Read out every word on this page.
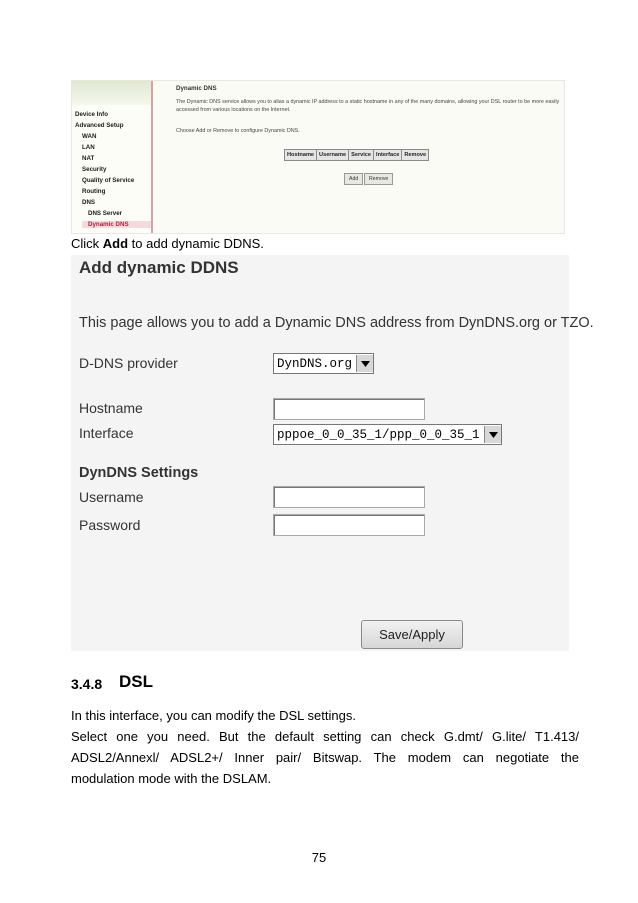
Device Info
Advanced Setup
WAN
LAN
NAT
Security
Quality of Service
Routing
DNS
DNS Server
Dynamic DNS
Dynamic DNS
The Dynamic DNS service allows you to alias a dynamic IP address to a static hostname in any of the many domains, allowing your DSL router to be more easily accessed from various locations on the Internet.
Choose Add or Remove to configure Dynamic DNS.
Hostname	Username	Service	Interface	Remove
Add	Remove
Click Add to add dynamic DDNS.
Add dynamic DDNS
This page allows you to add a Dynamic DNS address from DynDNS.org or TZO.
D-DNS provider	DynDNS.org
Hostname
Interface	pppoe_0_0_35_1/ppp_0_0_35_1
DynDNS Settings
Username
Password
Save/Apply
3.4.8 DSL
In this interface, you can modify the DSL settings.
Select one you need. But the default setting can check G.dmt/ G.lite/ T1.413/
ADSL2/Annexl/ ADSL2+/ Inner pair/ Bitswap. The modem can negotiate the
modulation mode with the DSLAM.
75
